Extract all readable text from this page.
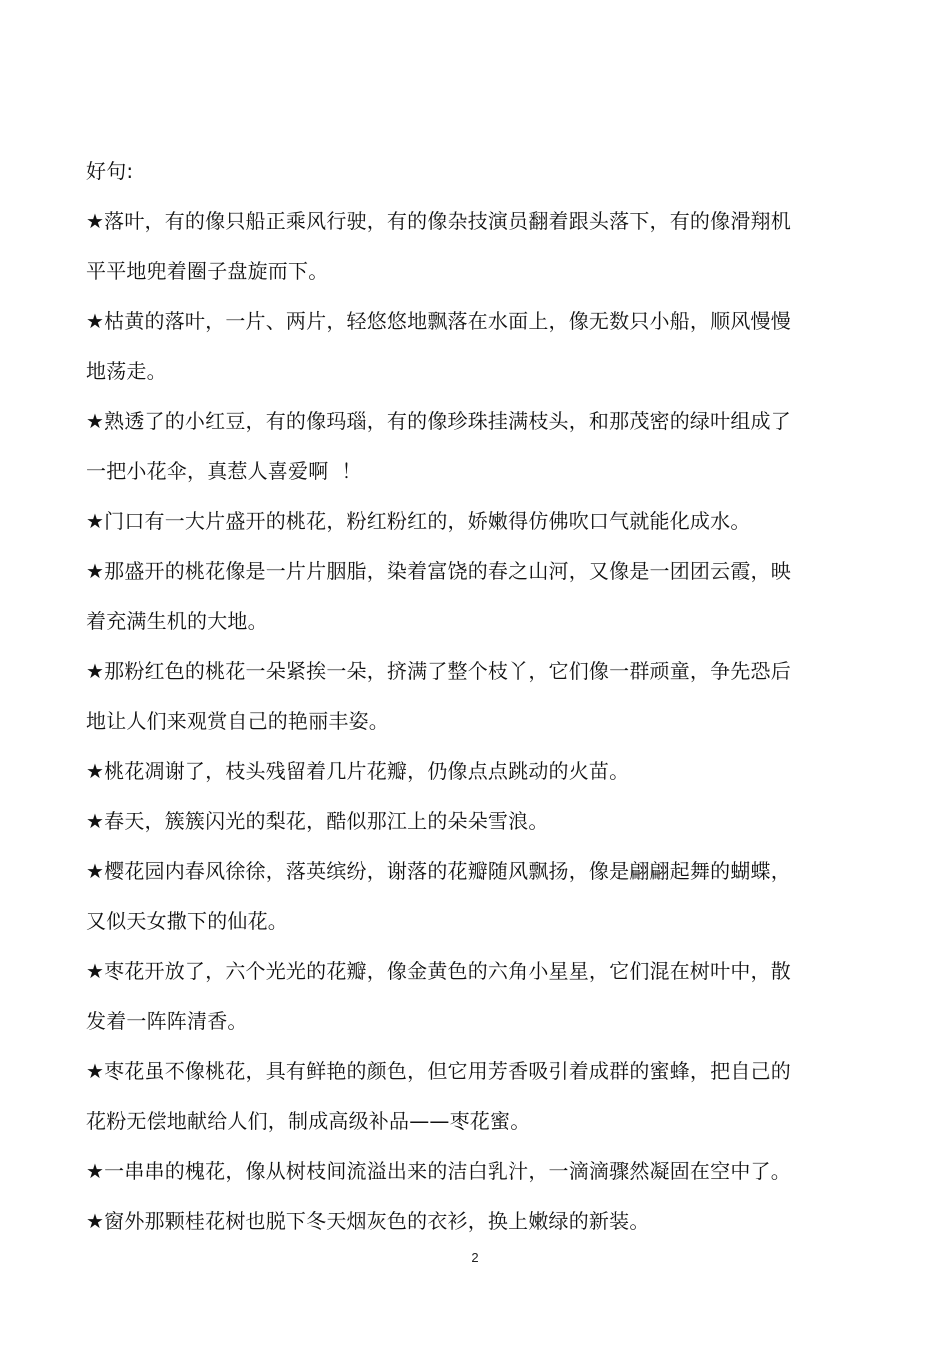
好句:

★落叶，有的像只船正乘风行驶，有的像杂技演员翻着跟头落下，有的像滑翔机

平平地兜着圈子盘旋而下。

★枯黄的落叶，一片、两片，轻悠悠地飘落在水面上，像无数只小船，顺风慢慢

地荡走。

★熟透了的小红豆，有的像玛瑙，有的像珍珠挂满枝头，和那茂密的绿叶组成了

一把小花伞，真惹人喜爱啊  ！

★门口有一大片盛开的桃花，粉红粉红的，娇嫩得仿佛吹口气就能化成水。

★那盛开的桃花像是一片片胭脂，染着富饶的春之山河，又像是一团团云霞，映

着充满生机的大地。

★那粉红色的桃花一朵紧挨一朵，挤满了整个枝丫，它们像一群顽童，争先恐后

地让人们来观赏自己的艳丽丰姿。

★桃花凋谢了，枝头残留着几片花瓣，仍像点点跳动的火苗。

★春天，簇簇闪光的梨花，酷似那江上的朵朵雪浪。

★樱花园内春风徐徐，落英缤纷，谢落的花瓣随风飘扬，像是翩翩起舞的蝴蝶，

又似天女撒下的仙花。

★枣花开放了，六个光光的花瓣，像金黄色的六角小星星，它们混在树叶中，散

发着一阵阵清香。

★枣花虽不像桃花，具有鲜艳的颜色，但它用芳香吸引着成群的蜜蜂，把自己的

花粉无偿地献给人们，制成高级补品——枣花蜜。

★一串串的槐花，像从树枝间流溢出来的洁白乳汁，一滴滴骤然凝固在空中了。

★窗外那颗桂花树也脱下冬天烟灰色的衣衫，换上嫩绿的新装。

2
